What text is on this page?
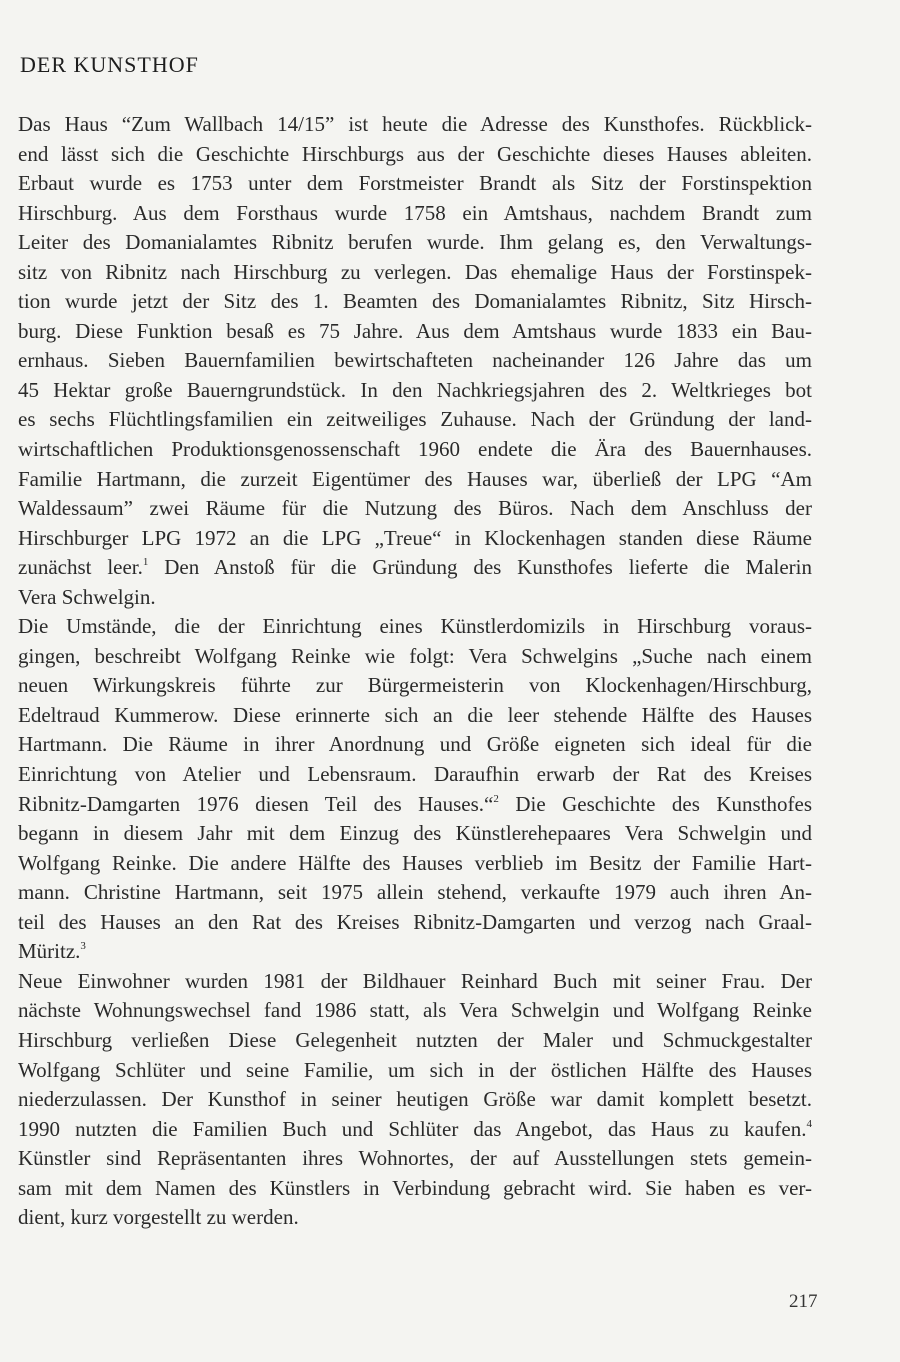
DER KUNSTHOF
Das Haus “Zum Wallbach 14/15” ist heute die Adresse des Kunsthofes. Rückblick-
end lässt sich die Geschichte Hirschburgs aus der Geschichte dieses Hauses ableiten.
Erbaut wurde es 1753 unter dem Forstmeister Brandt als Sitz der Forstinspektion
Hirschburg. Aus dem Forsthaus wurde 1758 ein Amtshaus, nachdem Brandt zum
Leiter des Domanialamtes Ribnitz berufen wurde. Ihm gelang es, den Verwaltungs-
sitz von Ribnitz nach Hirschburg zu verlegen. Das ehemalige Haus der Forstinspek-
tion wurde jetzt der Sitz des 1. Beamten des Domanialamtes Ribnitz, Sitz Hirsch-
burg. Diese Funktion besaß es 75 Jahre. Aus dem Amtshaus wurde 1833 ein Bau-
ernhaus. Sieben Bauernfamilien bewirtschafteten nacheinander 126 Jahre das um
45 Hektar große Bauerngrundstück. In den Nachkriegsjahren des 2. Weltkrieges bot
es sechs Flüchtlingsfamilien ein zeitweiliges Zuhause. Nach der Gründung der land-
wirtschaftlichen Produktionsgenossenschaft 1960 endete die Ära des Bauernhauses.
Familie Hartmann, die zurzeit Eigentümer des Hauses war, überließ der LPG “Am
Waldessaum” zwei Räume für die Nutzung des Büros. Nach dem Anschluss der
Hirschburger LPG 1972 an die LPG „Treue“ in Klockenhagen standen diese Räume
zunächst leer.$^1$ Den Anstoß für die Gründung des Kunsthofes lieferte die Malerin
Vera Schwelgin.
Die Umstände, die der Einrichtung eines Künstlerdomizils in Hirschburg voraus-
gingen, beschreibt Wolfgang Reinke wie folgt: Vera Schwelgins „Suche nach einem
neuen Wirkungskreis führte zur Bürgermeisterin von Klockenhagen/Hirschburg,
Edeltraud Kummerow. Diese erinnerte sich an die leer stehende Hälfte des Hauses
Hartmann. Die Räume in ihrer Anordnung und Größe eigneten sich ideal für die
Einrichtung von Atelier und Lebensraum. Daraufhin erwarb der Rat des Kreises
Ribnitz-Damgarten 1976 diesen Teil des Hauses.“$^2$ Die Geschichte des Kunsthofes
begann in diesem Jahr mit dem Einzug des Künstlerehepaares Vera Schwelgin und
Wolfgang Reinke. Die andere Hälfte des Hauses verblieb im Besitz der Familie Hart-
mann. Christine Hartmann, seit 1975 allein stehend, verkaufte 1979 auch ihren An-
teil des Hauses an den Rat des Kreises Ribnitz-Damgarten und verzog nach Graal-
Müritz.$^3$
Neue Einwohner wurden 1981 der Bildhauer Reinhard Buch mit seiner Frau. Der
nächste Wohnungswechsel fand 1986 statt, als Vera Schwelgin und Wolfgang Reinke
Hirschburg verließen Diese Gelegenheit nutzten der Maler und Schmuckgestalter
Wolfgang Schlüter und seine Familie, um sich in der östlichen Hälfte des Hauses
niederzulassen. Der Kunsthof in seiner heutigen Größe war damit komplett besetzt.
1990 nutzten die Familien Buch und Schlüter das Angebot, das Haus zu kaufen.$^4$
Künstler sind Repräsentanten ihres Wohnortes, der auf Ausstellungen stets gemein-
sam mit dem Namen des Künstlers in Verbindung gebracht wird. Sie haben es ver-
dient, kurz vorgestellt zu werden.
217
